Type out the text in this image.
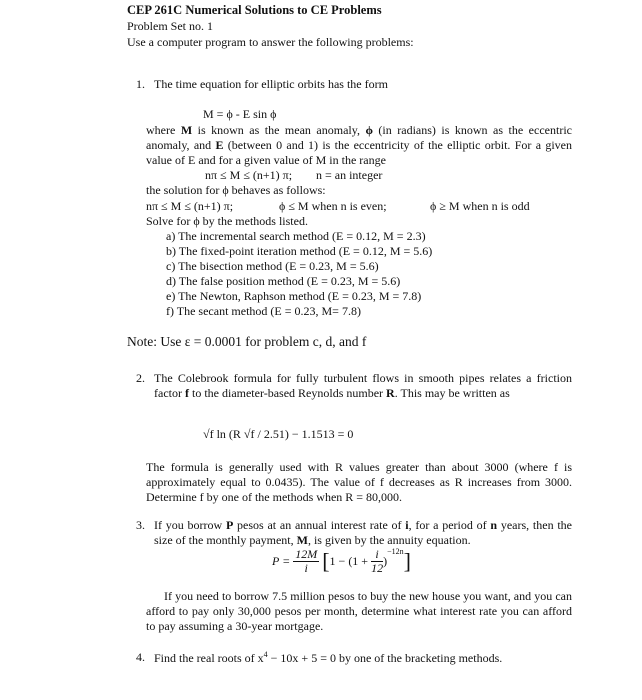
CEP 261C Numerical Solutions to CE Problems
Problem Set no. 1
Use a computer program to answer the following problems:
1. The time equation for elliptic orbits has the form
M = ϕ - E sin ϕ
where M is known as the mean anomaly, ϕ (in radians) is known as the eccentric anomaly, and E (between 0 and 1) is the eccentricity of the elliptic orbit. For a given value of E and for a given value of M in the range
nπ ≤ M ≤ (n+1) π; n = an integer
the solution for ϕ behaves as follows:
nπ ≤ M ≤ (n+1) π;	ϕ ≤ M when n is even;	ϕ ≥ M when n is odd
Solve for ϕ by the methods listed.
a) The incremental search method (E = 0.12, M = 2.3)
b) The fixed-point iteration method (E = 0.12, M = 5.6)
c) The bisection method (E = 0.23, M = 5.6)
d) The false position method (E = 0.23, M = 5.6)
e) The Newton, Raphson method (E = 0.23, M = 7.8)
f) The secant method (E = 0.23, M= 7.8)
Note: Use ε = 0.0001 for problem c, d, and f
2. The Colebrook formula for fully turbulent flows in smooth pipes relates a friction factor f to the diameter-based Reynolds number R. This may be written as
√f ln (R √f / 2.51) − 1.1513 = 0
The formula is generally used with R values greater than about 3000 (where f is approximately equal to 0.0435). The value of f decreases as R increases from 3000. Determine f by one of the methods when R = 80,000.
3. If you borrow P pesos at an annual interest rate of i, for a period of n years, then the size of the monthly payment, M, is given by the annuity equation.
$P = \frac{12M}{i} [1 - (1 + \frac{i}{12} )^{-12n}]$
If you need to borrow 7.5 million pesos to buy the new house you want, and you can afford to pay only 30,000 pesos per month, determine what interest rate you can afford to pay assuming a 30-year mortgage.
4. Find the real roots of $x^4 - 10x + 5 = 0$ by one of the bracketing methods.
